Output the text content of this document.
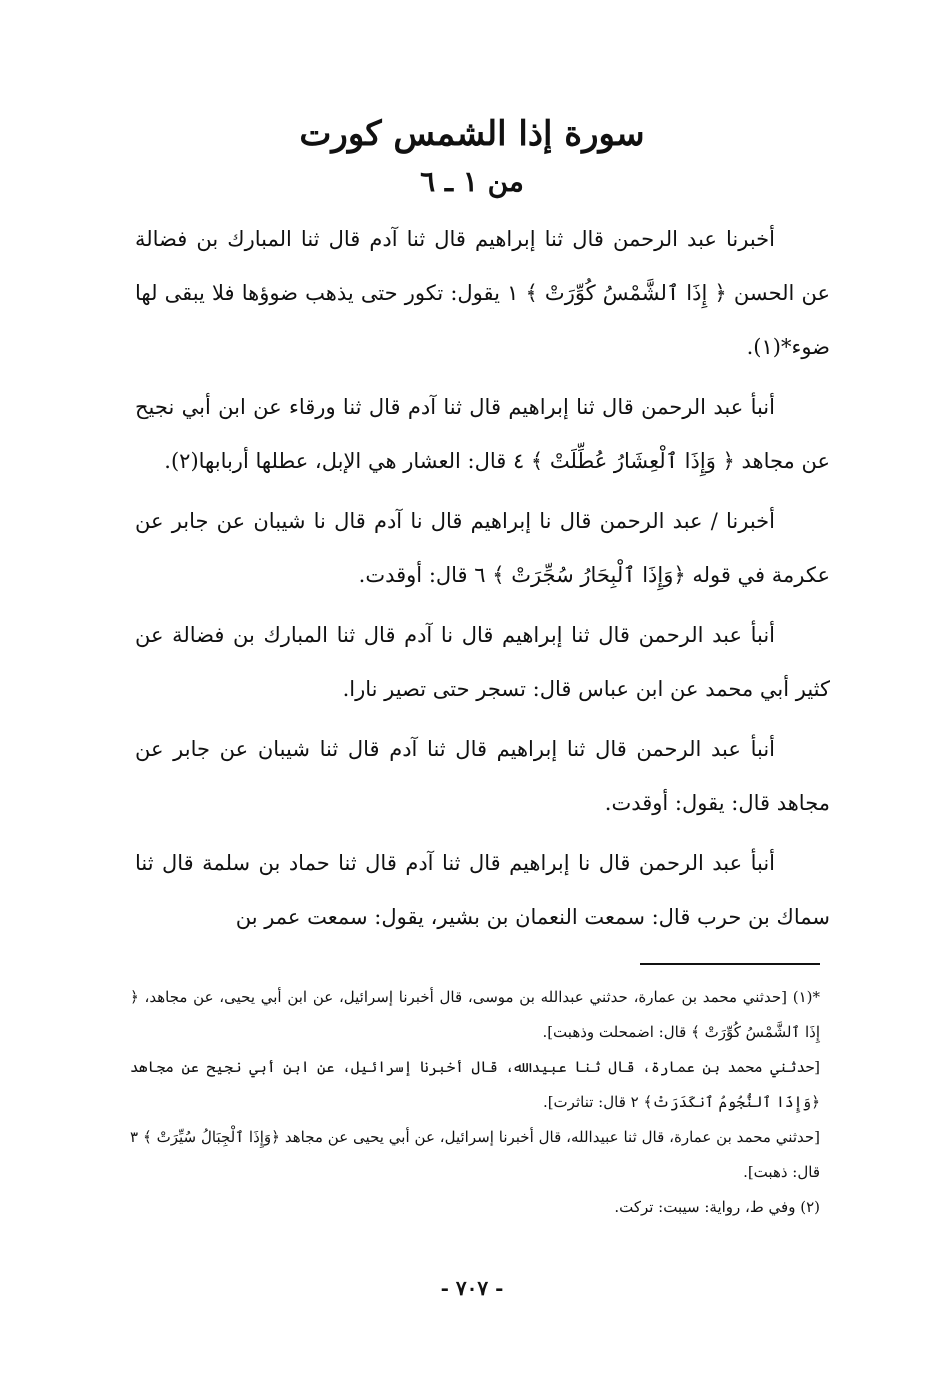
سورة إذا الشمس كورت
من ١ ـ ٦

أخبرنا عبد الرحمن قال ثنا إبراهيم قال ثنا آدم قال ثنا المبارك بن فضالة عن الحسن ﴿ إِذَا ٱلشَّمْسُ كُوِّرَتْ ﴾ ١ يقول: تكور حتى يذهب ضوؤها فلا يبقى لها ضوء*(١).

أنبأ عبد الرحمن قال ثنا إبراهيم قال ثنا آدم قال ثنا ورقاء عن ابن أبي نجيح عن مجاهد ﴿ وَإِذَا ٱلْعِشَارُ عُطِّلَتْ ﴾ ٤ قال: العشار هي الإبل، عطلها أربابها(٢).

أخبرنا / عبد الرحمن قال نا إبراهيم قال نا آدم قال نا شيبان عن جابر عن عكرمة في قوله ﴿وَإِذَا ٱلْبِحَارُ سُجِّرَتْ ﴾ ٦ قال: أوقدت.

أنبأ عبد الرحمن قال ثنا إبراهيم قال نا آدم قال ثنا المبارك بن فضالة عن كثير أبي محمد عن ابن عباس قال: تسجر حتى تصير نارا.

أنبأ عبد الرحمن قال ثنا إبراهيم قال ثنا آدم قال ثنا شيبان عن جابر عن مجاهد قال: يقول: أوقدت.

أنبأ عبد الرحمن قال نا إبراهيم قال ثنا آدم قال ثنا حماد بن سلمة قال ثنا سماك بن حرب قال: سمعت النعمان بن بشير، يقول: سمعت عمر بن

*(١) [حدثني محمد بن عمارة، حدثني عبدالله بن موسى، قال أخبرنا إسرائيل، عن ابن أبي يحيى، عن مجاهد، ﴿ إِذَا ٱلشَّمْسُ كُوِّرَتْ ﴾ قال: اضمحلت وذهبت].

[حدثني محمد بن عمارة، قال ثنا عبيدالله، قال أخبرنا إسرائيل، عن ابن أبي نجيح عن مجاهد ﴿وَإِذَا ٱلنُّجُومُ ٱنكَدَرَتْ﴾ ٢ قال: تناثرت].

[حدثني محمد بن عمارة، قال ثنا عبيدالله، قال أخبرنا إسرائيل، عن أبي يحيى عن مجاهد ﴿وَإِذَا ٱلْجِبَالُ سُيِّرَتْ ﴾ ٣ قال: ذهبت].

(٢) وفي ط، رواية: سيبت: تركت.

- ٧٠٧ -
